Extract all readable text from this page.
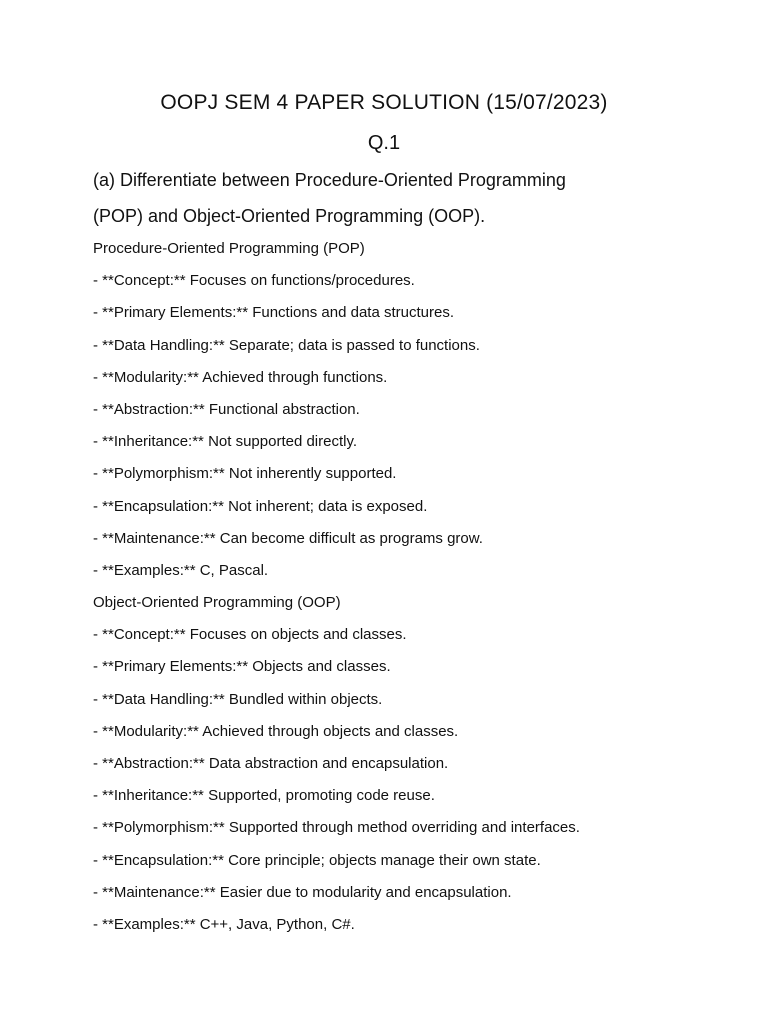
OOPJ SEM 4 PAPER SOLUTION (15/07/2023)
Q.1
(a) Differentiate between Procedure-Oriented Programming
(POP) and Object-Oriented Programming (OOP).
Procedure-Oriented Programming (POP)
- **Concept:** Focuses on functions/procedures.
- **Primary Elements:** Functions and data structures.
- **Data Handling:** Separate; data is passed to functions.
- **Modularity:** Achieved through functions.
- **Abstraction:** Functional abstraction.
- **Inheritance:** Not supported directly.
- **Polymorphism:** Not inherently supported.
- **Encapsulation:** Not inherent; data is exposed.
- **Maintenance:** Can become difficult as programs grow.
- **Examples:** C, Pascal.
Object-Oriented Programming (OOP)
- **Concept:** Focuses on objects and classes.
- **Primary Elements:** Objects and classes.
- **Data Handling:** Bundled within objects.
- **Modularity:** Achieved through objects and classes.
- **Abstraction:** Data abstraction and encapsulation.
- **Inheritance:** Supported, promoting code reuse.
- **Polymorphism:** Supported through method overriding and interfaces.
- **Encapsulation:** Core principle; objects manage their own state.
- **Maintenance:** Easier due to modularity and encapsulation.
- **Examples:** C++, Java, Python, C#.
